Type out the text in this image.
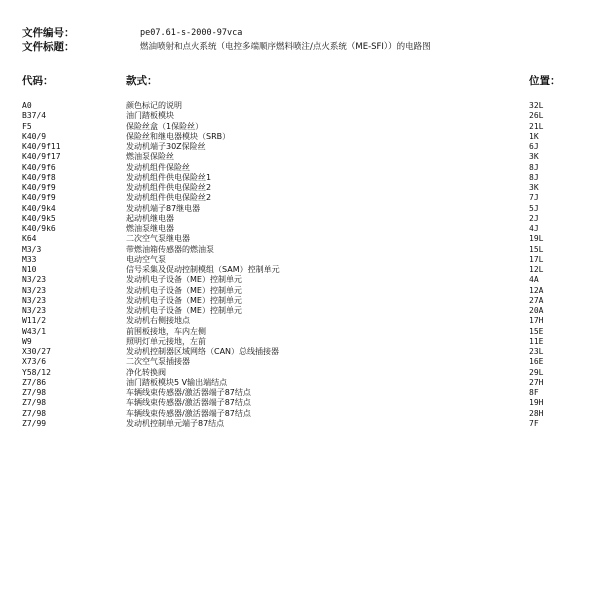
文件编号：	pe07.61-s-2000-97vca
文件标题：	燃油喷射和点火系统（电控多端顺序燃料喷注/点火系统（ME-SFI））的电路图
代码：	款式：	位置：
A0	颜色标记的说明	32L
B37/4	油门踏板模块	26L
F5	保险丝盒（1保险丝）	21L
K40/9	保险丝和继电器模块（SRB）	1K
K40/9f11	发动机端子30Z保险丝	6J
K40/9f17	燃油泵保险丝	3K
K40/9f6	发动机组件保险丝	8J
K40/9f8	发动机组件供电保险丝1	8J
K40/9f9	发动机组件供电保险丝2	3K
K40/9f9	发动机组件供电保险丝2	7J
K40/9k4	发动机端子87继电器	5J
K40/9k5	起动机继电器	2J
K40/9k6	燃油泵继电器	4J
K64	二次空气泵继电器	19L
M3/3	带燃油箱传感器的燃油泵	15L
M33	电动空气泵	17L
N10	信号采集及促动控制模组（SAM）控制单元	12L
N3/23	发动机电子设备（ME）控制单元	4A
N3/23	发动机电子设备（ME）控制单元	12A
N3/23	发动机电子设备（ME）控制单元	27A
N3/23	发动机电子设备（ME）控制单元	20A
W11/2	发动机右侧接地点	17H
W43/1	前围板接地，车内左侧	15E
W9	照明灯单元接地，左前	11E
X30/27	发动机控制器区域网络（CAN）总线插接器	23L
X73/6	二次空气泵插接器	16E
Y58/12	净化转换阀	29L
Z7/86	油门踏板模块5 V输出端结点	27H
Z7/98	车辆线束传感器/激活器端子87结点	8F
Z7/98	车辆线束传感器/激活器端子87结点	19H
Z7/98	车辆线束传感器/激活器端子87结点	28H
Z7/99	发动机控制单元端子87结点	7F
